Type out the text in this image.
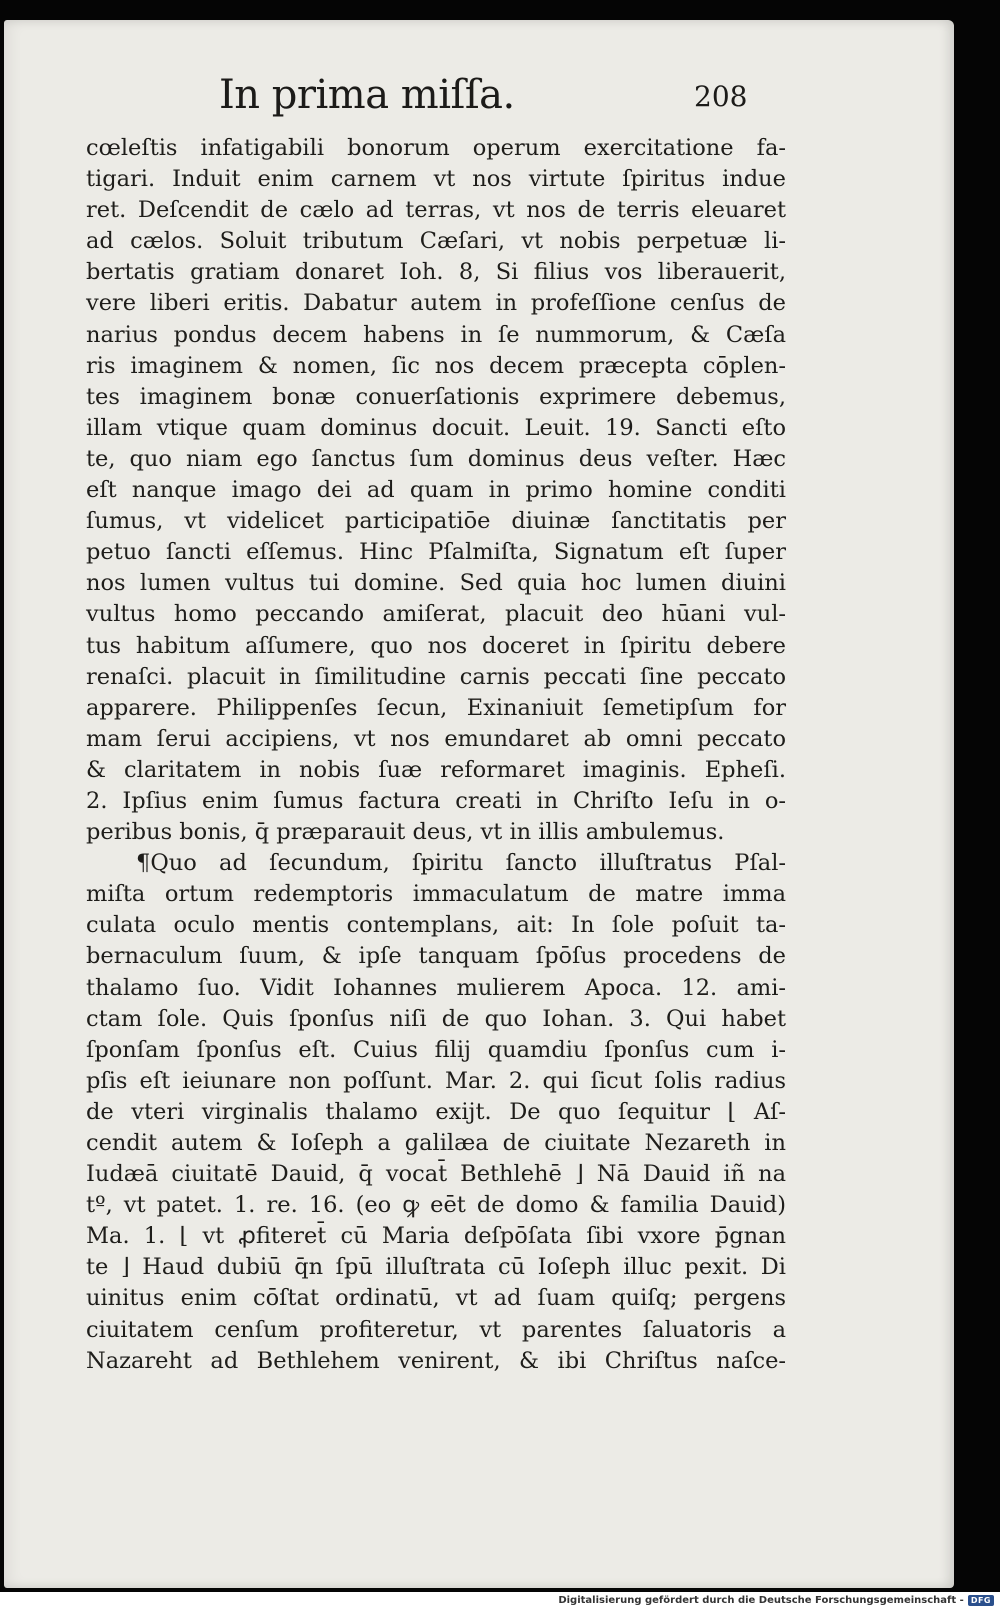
In prima miſſa.	208
cœleſtis infatigabili bonorum operum exercitatione fa-
tigari. Induit enim carnem vt nos virtute ſpiritus indue
ret. Deſcendit de cælo ad terras, vt nos de terris eleuaret
ad cælos. Soluit tributum Cæſari, vt nobis perpetuæ li-
bertatis gratiam donaret Ioh. 8, Si filius vos liberauerit,
vere liberi eritis. Dabatur autem in profeſſione cenſus de
narius pondus decem habens in ſe nummorum, & Cæſa
ris imaginem & nomen, ſic nos decem præcepta cōplen-
tes imaginem bonæ conuerſationis exprimere debemus,
illam vtique quam dominus docuit. Leuit. 19. Sancti eſto
te, quo niam ego ſanctus ſum dominus deus veſter. Hæc
eſt nanque imago dei ad quam in primo homine conditi
ſumus, vt videlicet participatiōe diuinæ ſanctitatis per
petuo ſancti eſſemus. Hinc Pſalmiſta, Signatum eſt ſuper
nos lumen vultus tui domine. Sed quia hoc lumen diuini
vultus homo peccando amiſerat, placuit deo hūani vul-
tus habitum aſſumere, quo nos doceret in ſpiritu debere
renaſci. placuit in ſimilitudine carnis peccati ſine peccato
apparere. Philippenſes ſecun, Exinaniuit ſemetipſum for
mam ſerui accipiens, vt nos emundaret ab omni peccato
& claritatem in nobis ſuæ reformaret imaginis. Epheſi.
2. Ipſius enim ſumus factura creati in Chriſto Ieſu in o-
peribus bonis, q̄ præparauit deus, vt in illis ambulemus.
¶Quo ad ſecundum, ſpiritu ſancto illuſtratus Pſal-
miſta ortum redemptoris immaculatum de matre imma
culata oculo mentis contemplans, ait: In ſole poſuit ta-
bernaculum ſuum, & ipſe tanquam ſpōſus procedens de
thalamo ſuo. Vidit Iohannes mulierem Apoca. 12. ami-
ctam ſole. Quis ſponſus niſi de quo Iohan. 3. Qui habet
ſponſam ſponſus eſt. Cuius filij quamdiu ſponſus cum i-
pſis eſt ieiunare non poſſunt. Mar. 2. qui ſicut ſolis radius
de vteri virginalis thalamo exijt. De quo ſequitur ⌊ Aſ-
cendit autem & Ioſeph a galilæa de ciuitate Nezareth in
Iudæā ciuitatē Dauid, q̄ vocat̄ Bethlehē ⌋ Nā Dauid iñ na
tº, vt patet. 1. re. 16. (eo ꝙ eēt de domo & familia Dauid)
Ma. 1. ⌊ vt ꝓfiteret̄ cū Maria deſpōſata ſibi vxore p̄gnan
te ⌋ Haud dubiū q̄n ſpū illuſtrata cū Ioſeph illuc pexit. Di
uinitus enim cōſtat ordinatū, vt ad ſuam quiſq; pergens
ciuitatem cenſum profiteretur, vt parentes ſaluatoris a
Nazareht ad Bethlehem venirent, & ibi Chriſtus naſce-
Digitalisierung gefördert durch die Deutsche Forschungsgemeinschaft - DFG
